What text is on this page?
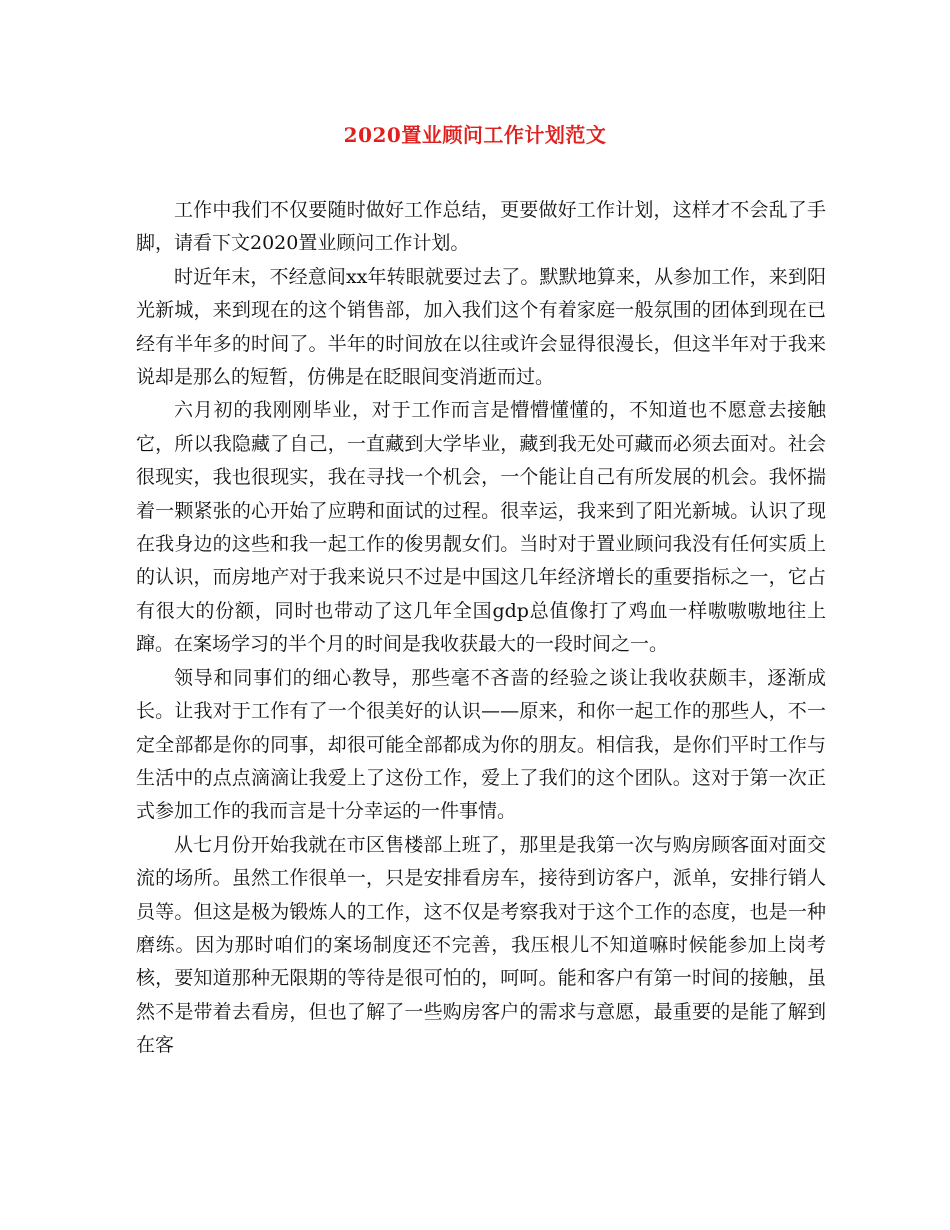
2020置业顾问工作计划范文

工作中我们不仅要随时做好工作总结，更要做好工作计划，这样才不会乱了手脚，请看下文2020置业顾问工作计划。

时近年末，不经意间xx年转眼就要过去了。默默地算来，从参加工作，来到阳光新城，来到现在的这个销售部，加入我们这个有着家庭一般氛围的团体到现在已经有半年多的时间了。半年的时间放在以往或许会显得很漫长，但这半年对于我来说却是那么的短暂，仿佛是在眨眼间变消逝而过。

六月初的我刚刚毕业，对于工作而言是懵懵懂懂的，不知道也不愿意去接触它，所以我隐藏了自己，一直藏到大学毕业，藏到我无处可藏而必须去面对。社会很现实，我也很现实，我在寻找一个机会，一个能让自己有所发展的机会。我怀揣着一颗紧张的心开始了应聘和面试的过程。很幸运，我来到了阳光新城。认识了现在我身边的这些和我一起工作的俊男靓女们。当时对于置业顾问我没有任何实质上的认识，而房地产对于我来说只不过是中国这几年经济增长的重要指标之一，它占有很大的份额，同时也带动了这几年全国gdp总值像打了鸡血一样嗷嗷嗷地往上蹿。在案场学习的半个月的时间是我收获最大的一段时间之一。

领导和同事们的细心教导，那些毫不吝啬的经验之谈让我收获颇丰，逐渐成长。让我对于工作有了一个很美好的认识——原来，和你一起工作的那些人，不一定全部都是你的同事，却很可能全部都成为你的朋友。相信我，是你们平时工作与生活中的点点滴滴让我爱上了这份工作，爱上了我们的这个团队。这对于第一次正式参加工作的我而言是十分幸运的一件事情。

从七月份开始我就在市区售楼部上班了，那里是我第一次与购房顾客面对面交流的场所。虽然工作很单一，只是安排看房车，接待到访客户，派单，安排行销人员等。但这是极为锻炼人的工作，这不仅是考察我对于这个工作的态度，也是一种磨练。因为那时咱们的案场制度还不完善，我压根儿不知道嘛时候能参加上岗考核，要知道那种无限期的等待是很可怕的，呵呵。能和客户有第一时间的接触，虽然不是带着去看房，但也了解了一些购房客户的需求与意愿，最重要的是能了解到在客
